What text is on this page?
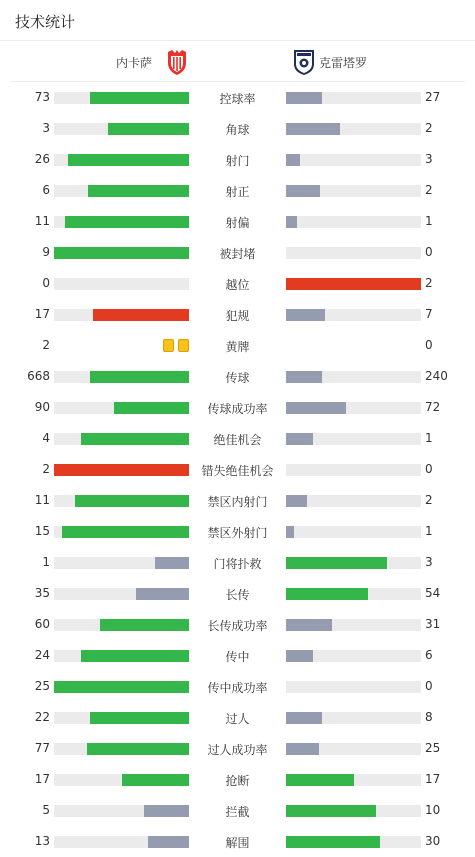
技术统计
内卡萨	克雷塔罗
73	控球率	27
3	角球	2
26	射门	3
6	射正	2
11	射偏	1
9	被封堵	0
0	越位	2
17	犯规	7
2	黄牌	0
668	传球	240
90	传球成功率	72
4	绝佳机会	1
2	错失绝佳机会	0
11	禁区内射门	2
15	禁区外射门	1
1	门将扑救	3
35	长传	54
60	长传成功率	31
24	传中	6
25	传中成功率	0
22	过人	8
77	过人成功率	25
17	抢断	17
5	拦截	10
13	解围	30
